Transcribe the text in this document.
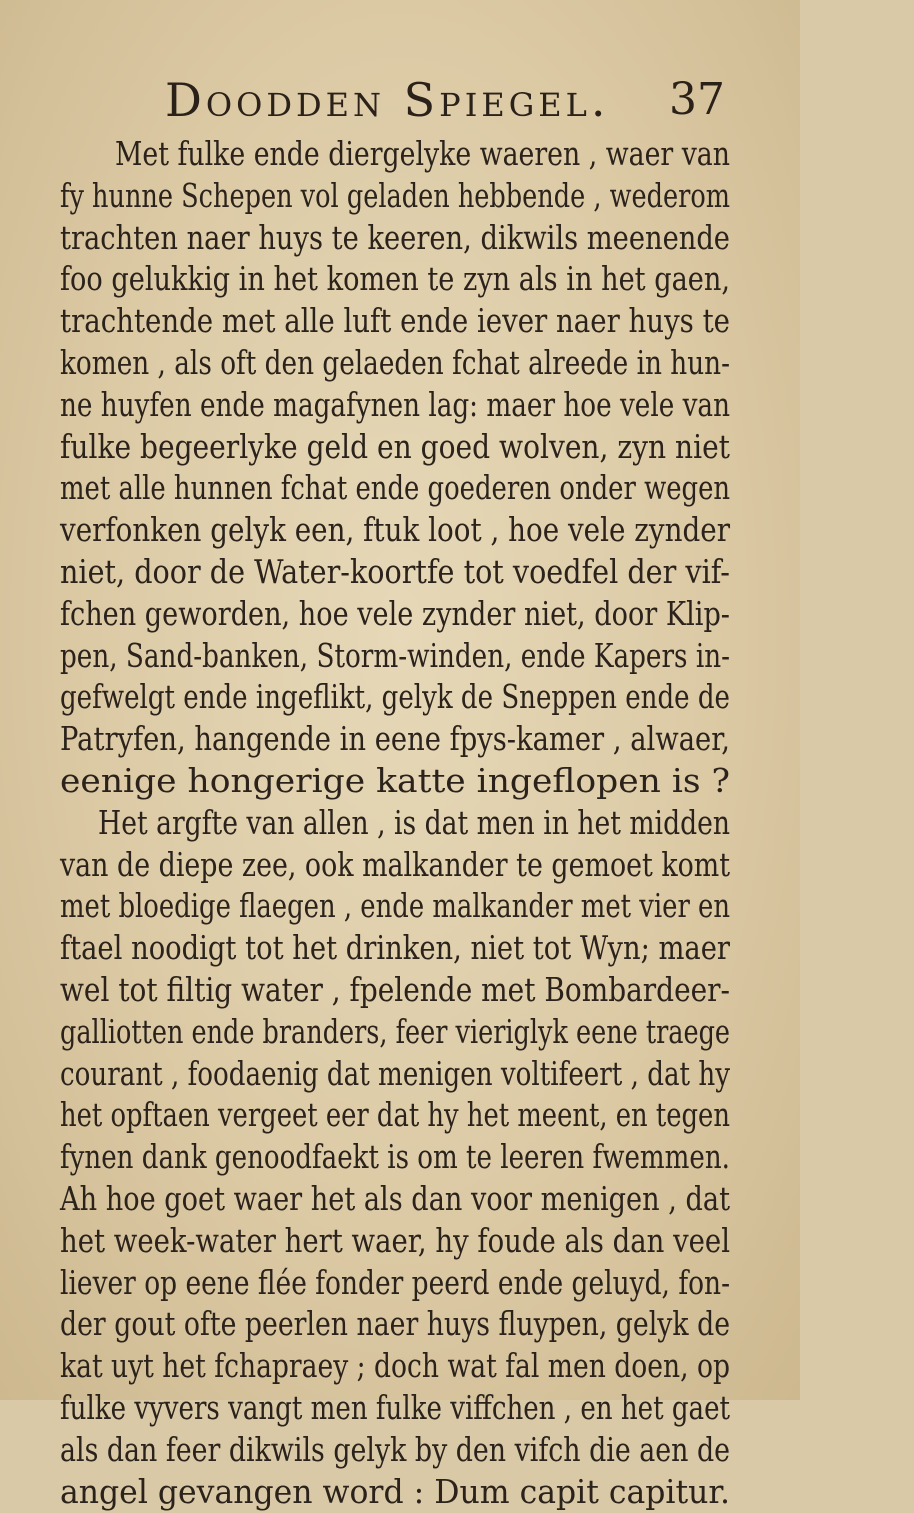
Doodden Spiegel. 37
Met fulke ende diergelyke waeren , waer van
fy hunne Schepen vol geladen hebbende , wederom
trachten naer huys te keeren, dikwils meenende
foo gelukkig in het komen te zyn als in het gaen,
trachtende met alle luft ende iever naer huys te
komen , als oft den gelaeden fchat alreede in hun-
ne huyfen ende magafynen lag: maer hoe vele van
fulke begeerlyke geld en goed wolven, zyn niet
met alle hunnen fchat ende goederen onder wegen
verfonken gelyk een, ftuk loot , hoe vele zynder
niet, door de Water-koortfe tot voedfel der vif-
fchen geworden, hoe vele zynder niet, door Klip-
pen, Sand-banken, Storm-winden, ende Kapers in-
gefwelgt ende ingeflikt, gelyk de Sneppen ende de
Patryfen, hangende in eene fpys-kamer , alwaer,
eenige hongerige katte ingeflopen is ?
Het argfte van allen , is dat men in het midden
van de diepe zee, ook malkander te gemoet komt
met bloedige flaegen , ende malkander met vier en
ftael noodigt tot het drinken, niet tot Wyn; maer
wel tot filtig water , fpelende met Bombardeer-
galliotten ende branders, feer vieriglyk eene traege
courant , foodaenig dat menigen voltifeert , dat hy
het opftaen vergeet eer dat hy het meent, en tegen
fynen dank genoodfaekt is om te leeren fwemmen.
Ah hoe goet waer het als dan voor menigen , dat
het week-water hert waer, hy foude als dan veel
liever op eene flée fonder peerd ende geluyd, fon-
der gout ofte peerlen naer huys fluypen, gelyk de
kat uyt het fchapraey ; doch wat fal men doen, op
fulke vyvers vangt men fulke viffchen , en het gaet
als dan feer dikwils gelyk by den vifch die aen de
angel gevangen word : Dum capit capitur.
